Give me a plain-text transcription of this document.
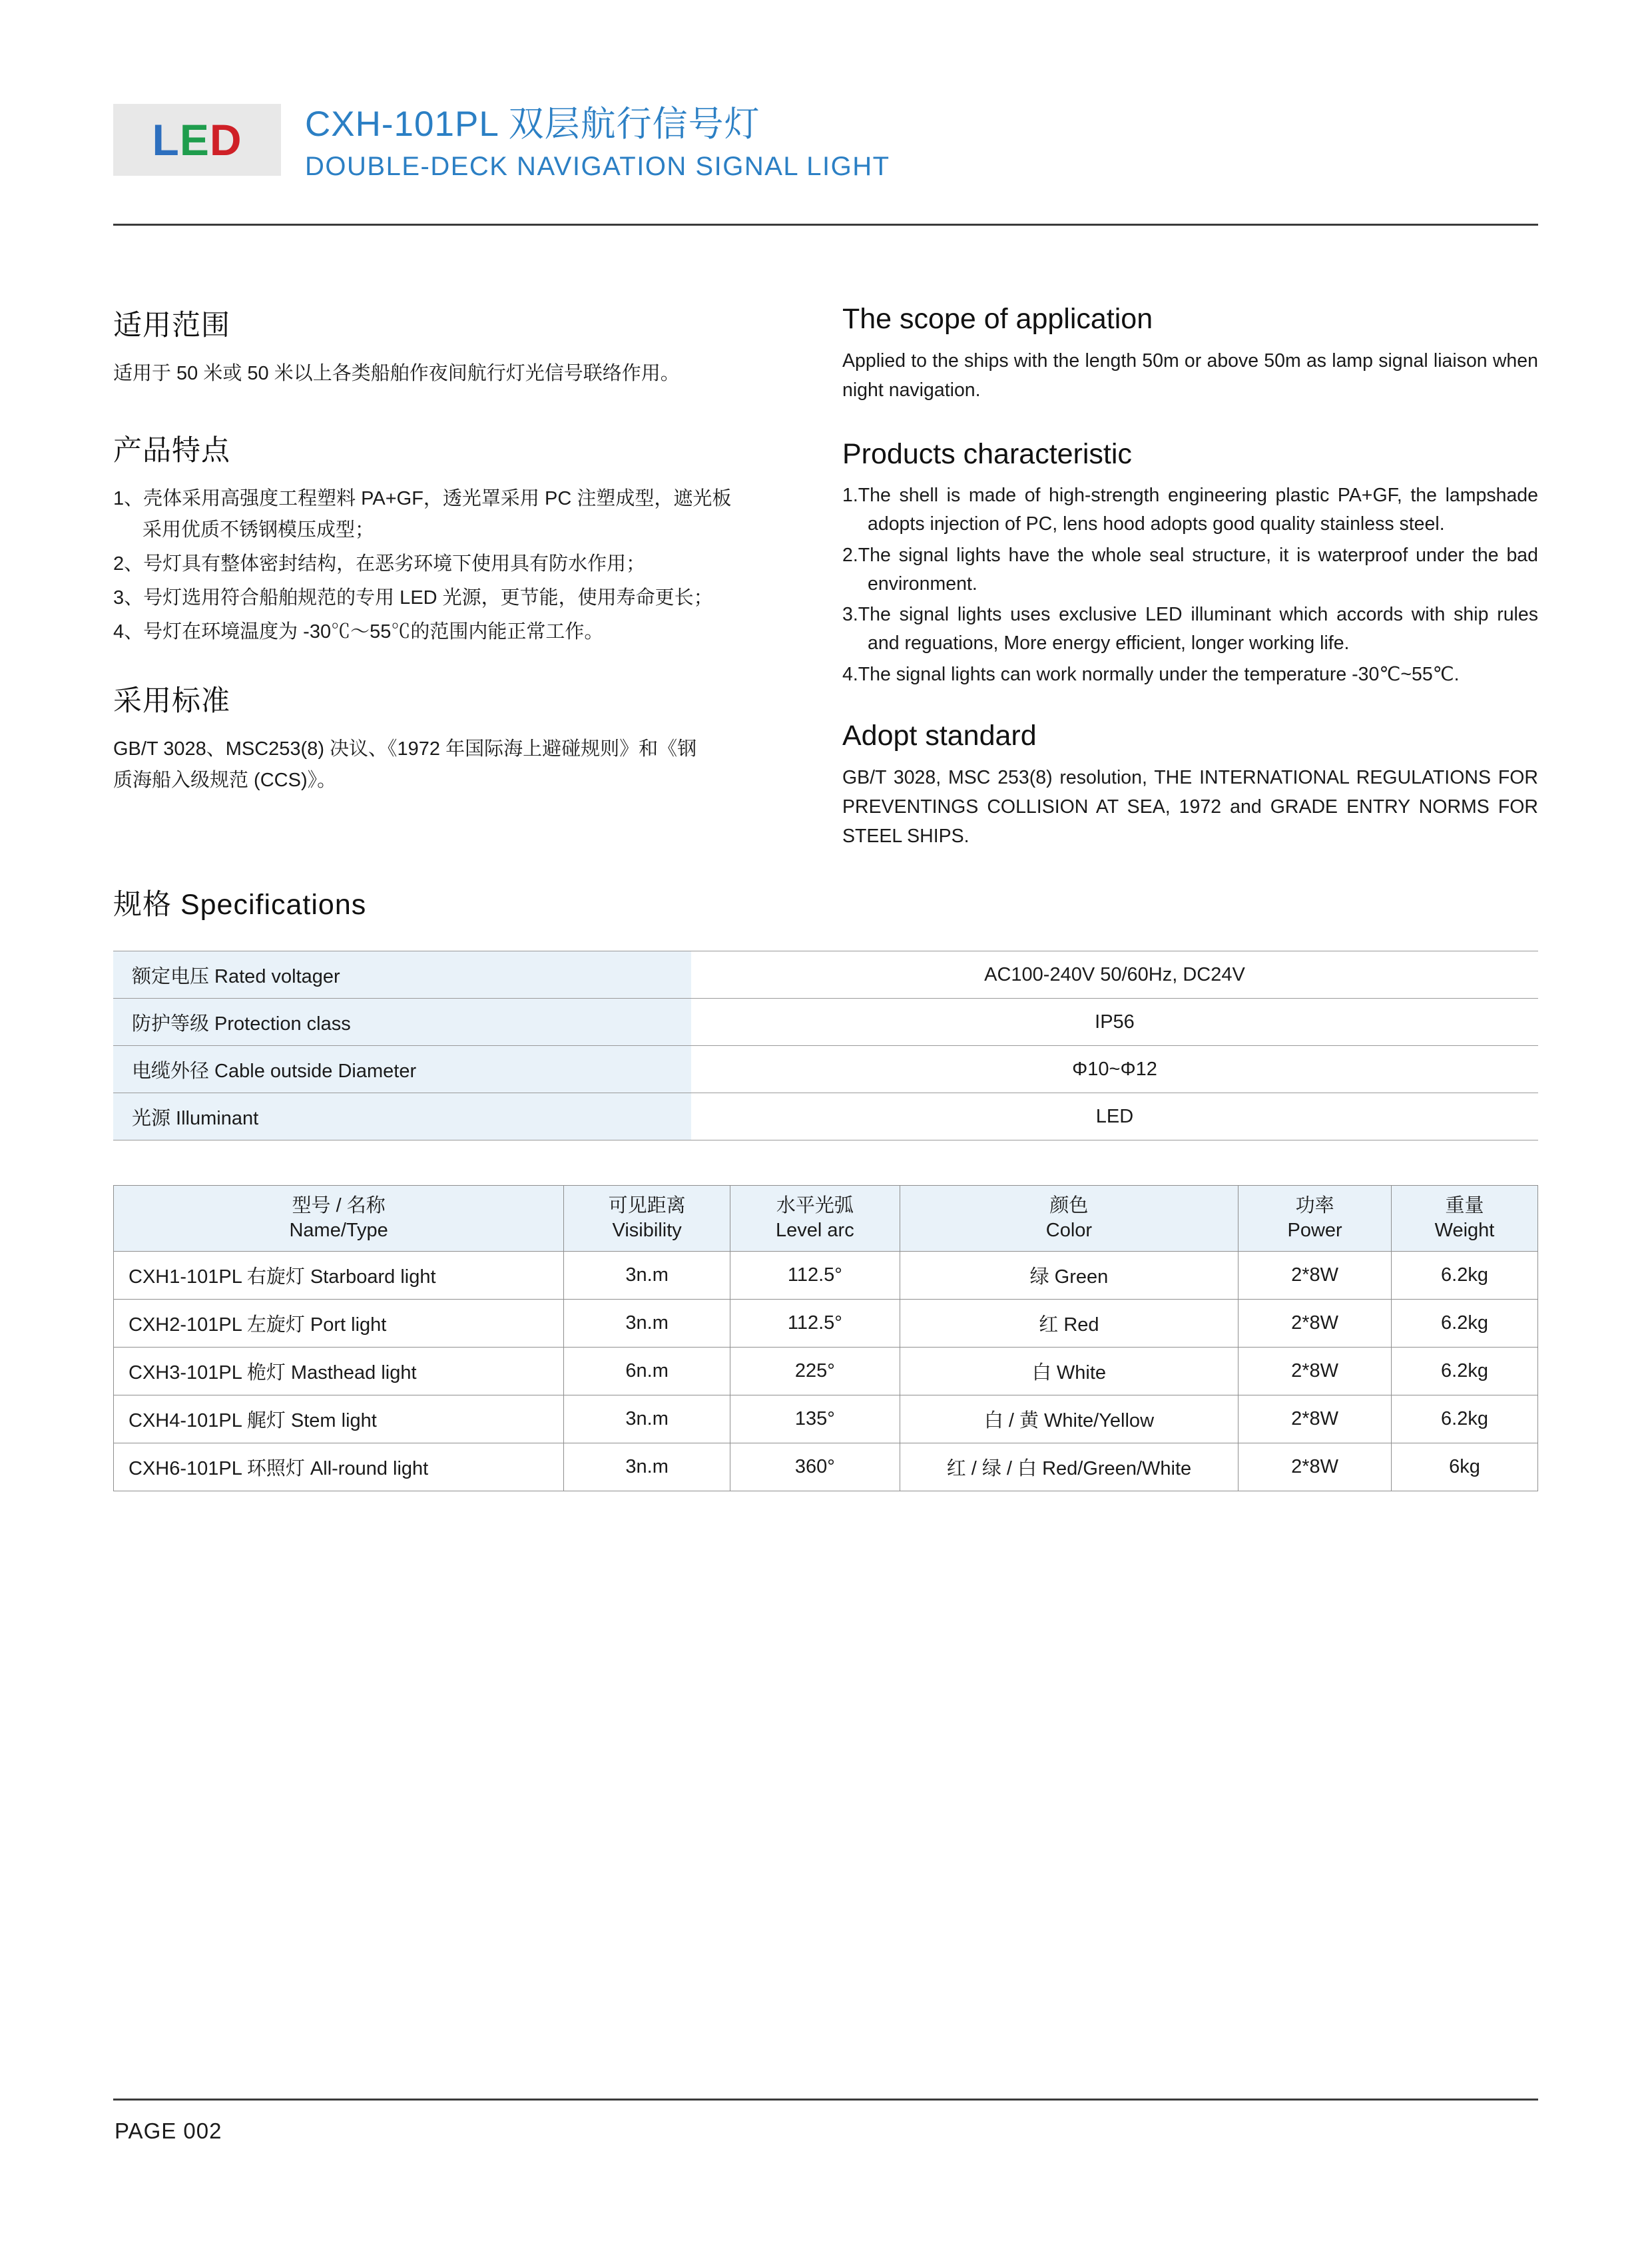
LED CXH-101PL 双层航行信号灯
DOUBLE-DECK NAVIGATION SIGNAL LIGHT
适用范围

适用于 50 米或 50 米以上各类船舶作夜间航行灯光信号联络作用。

产品特点
1、壳体采用高强度工程塑料 PA+GF，透光罩采用 PC 注塑成型，遮光板
采用优质不锈钢模压成型；
2、号灯具有整体密封结构，在恶劣环境下使用具有防水作用；
3、号灯选用符合船舶规范的专用 LED 光源，更节能，使用寿命更长；
4、号灯在环境温度为 -30℃～55℃的范围内能正常工作。
采用标准

GB/T 3028、MSC253(8) 决议、《1972 年国际海上避碰规则》和《钢

质海船入级规范 (CCS)》。

The scope of application

Applied to the ships with the length 50m or above 50m as lamp signal liaison when night navigation.

Products characteristic
1.The shell is made of high-strength engineering plastic PA+GF, the lampshade adopts injection of PC, lens hood adopts good quality stainless steel.
2.The signal lights have the whole seal structure, it is waterproof under the bad environment.
3.The signal lights uses exclusive LED illuminant which accords with ship rules and reguations, More energy efficient, longer working life.
4.The signal lights can work normally under the temperature -30℃~55℃.
Adopt standard

GB/T 3028, MSC 253(8) resolution, THE INTERNATIONAL REGULATIONS FOR PREVENTINGS COLLISION AT SEA, 1972 and GRADE ENTRY NORMS FOR STEEL SHIPS.

规格 Specifications
额定电压 Rated voltager	AC100-240V 50/60Hz, DC24V
防护等级 Protection class	IP56
电缆外径 Cable outside Diameter	Φ10~Φ12
光源 Illuminant	LED
型号 / 名称
Name/Type

可见距离
Visibility

水平光弧
Level arc

颜色
Color

功率
Power

重量
Weight

CXH1-101PL 右旋灯 Starboard light	3n.m	112.5°	绿 Green	2*8W	6.2kg
CXH2-101PL 左旋灯 Port light	3n.m	112.5°	红 Red	2*8W	6.2kg
CXH3-101PL 桅灯 Masthead light	6n.m	225°	白 White	2*8W	6.2kg
CXH4-101PL 艉灯 Stem light	3n.m	135°	白 / 黄 White/Yellow	2*8W	6.2kg
CXH6-101PL 环照灯 All-round light	3n.m	360°	红 / 绿 / 白 Red/Green/White	2*8W	6kg
PAGE 002
